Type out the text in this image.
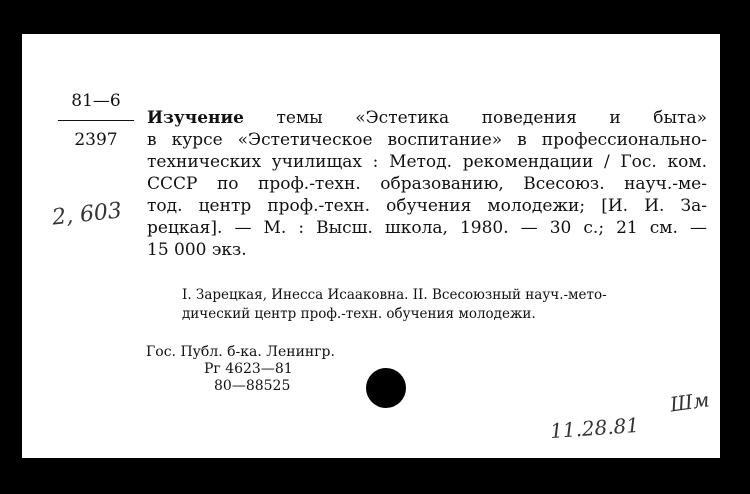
81—6
2397
2, 603
Изучение темы «Эстетика поведения и быта»
в курсе «Эстетическое воспитание» в профессионально-
технических училищах : Метод. рекомендации / Гос. ком.
СССР по проф.-техн. образованию, Всесоюз. науч.-ме-
тод. центр проф.-техн. обучения молодежи; [И. И. За-
рецкая]. — М. : Высш. школа, 1980. — 30 с.; 21 см. —
15 000 экз.
I. Зарецкая, Инесса Исааковна. II. Всесоюзный науч.-мето-
дический центр проф.-техн. обучения молодежи.
Гос. Публ. б-ка. Ленингр.
Рг 4623—81
80—88525
Шм
11.28.81
